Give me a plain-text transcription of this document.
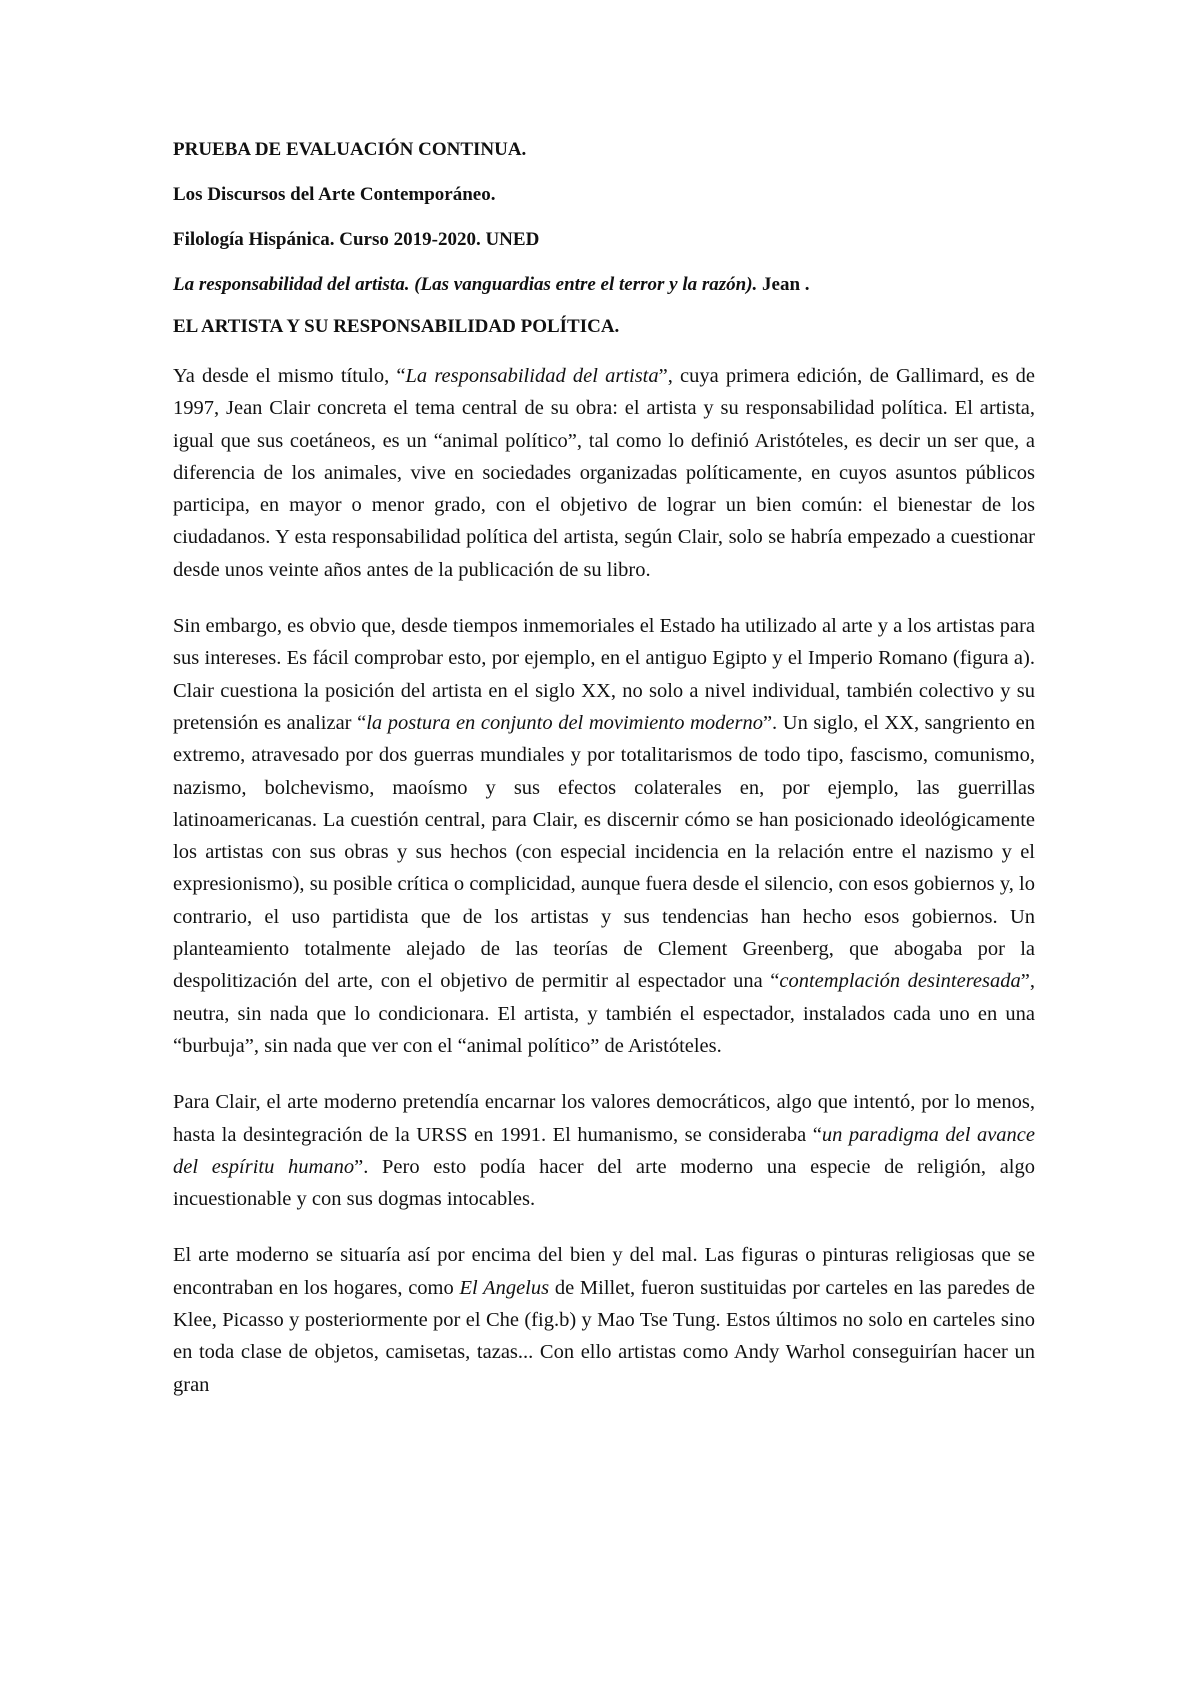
PRUEBA DE EVALUACIÓN CONTINUA.
Los Discursos del Arte Contemporáneo.
Filología Hispánica. Curso 2019-2020. UNED
La responsabilidad del artista. (Las vanguardias entre el terror y la razón). Jean .
EL ARTISTA Y SU RESPONSABILIDAD POLÍTICA.

Ya desde el mismo título, “La responsabilidad del artista”, cuya primera edición, de Gallimard, es de 1997, Jean Clair concreta el tema central de su obra: el artista y su responsabilidad política. El artista, igual que sus coetáneos, es un “animal político”, tal como lo definió Aristóteles, es decir un ser que, a diferencia de los animales, vive en sociedades organizadas políticamente, en cuyos asuntos públicos participa, en mayor o menor grado, con el objetivo de lograr un bien común: el bienestar de los ciudadanos. Y esta responsabilidad política del artista, según Clair, solo se habría empezado a cuestionar desde unos veinte años antes de la publicación de su libro.

Sin embargo, es obvio que, desde tiempos inmemoriales el Estado ha utilizado al arte y a los artistas para sus intereses. Es fácil comprobar esto, por ejemplo, en el antiguo Egipto y el Imperio Romano (figura a). Clair cuestiona la posición del artista en el siglo XX, no solo a nivel individual, también colectivo y su pretensión es analizar “la postura en conjunto del movimiento moderno”. Un siglo, el XX, sangriento en extremo, atravesado por dos guerras mundiales y por totalitarismos de todo tipo, fascismo, comunismo, nazismo, bolchevismo, maoísmo y sus efectos colaterales en, por ejemplo, las guerrillas latinoamericanas. La cuestión central, para Clair, es discernir cómo se han posicionado ideológicamente los artistas con sus obras y sus hechos (con especial incidencia en la relación entre el nazismo y el expresionismo), su posible crítica o complicidad, aunque fuera desde el silencio, con esos gobiernos y, lo contrario, el uso partidista que de los artistas y sus tendencias han hecho esos gobiernos. Un planteamiento totalmente alejado de las teorías de Clement Greenberg, que abogaba por la despolitización del arte, con el objetivo de permitir al espectador una “contemplación desinteresada”, neutra, sin nada que lo condicionara. El artista, y también el espectador, instalados cada uno en una “burbuja”, sin nada que ver con el “animal político” de Aristóteles.

Para Clair, el arte moderno pretendía encarnar los valores democráticos, algo que intentó, por lo menos, hasta la desintegración de la URSS en 1991. El humanismo, se consideraba “un paradigma del avance del espíritu humano”. Pero esto podía hacer del arte moderno una especie de religión, algo incuestionable y con sus dogmas intocables.

El arte moderno se situaría así por encima del bien y del mal. Las figuras o pinturas religiosas que se encontraban en los hogares, como El Angelus de Millet, fueron sustituidas por carteles en las paredes de Klee, Picasso y posteriormente por el Che (fig.b) y Mao Tse Tung. Estos últimos no solo en carteles sino en toda clase de objetos, camisetas, tazas... Con ello artistas como Andy Warhol conseguirían hacer un gran
